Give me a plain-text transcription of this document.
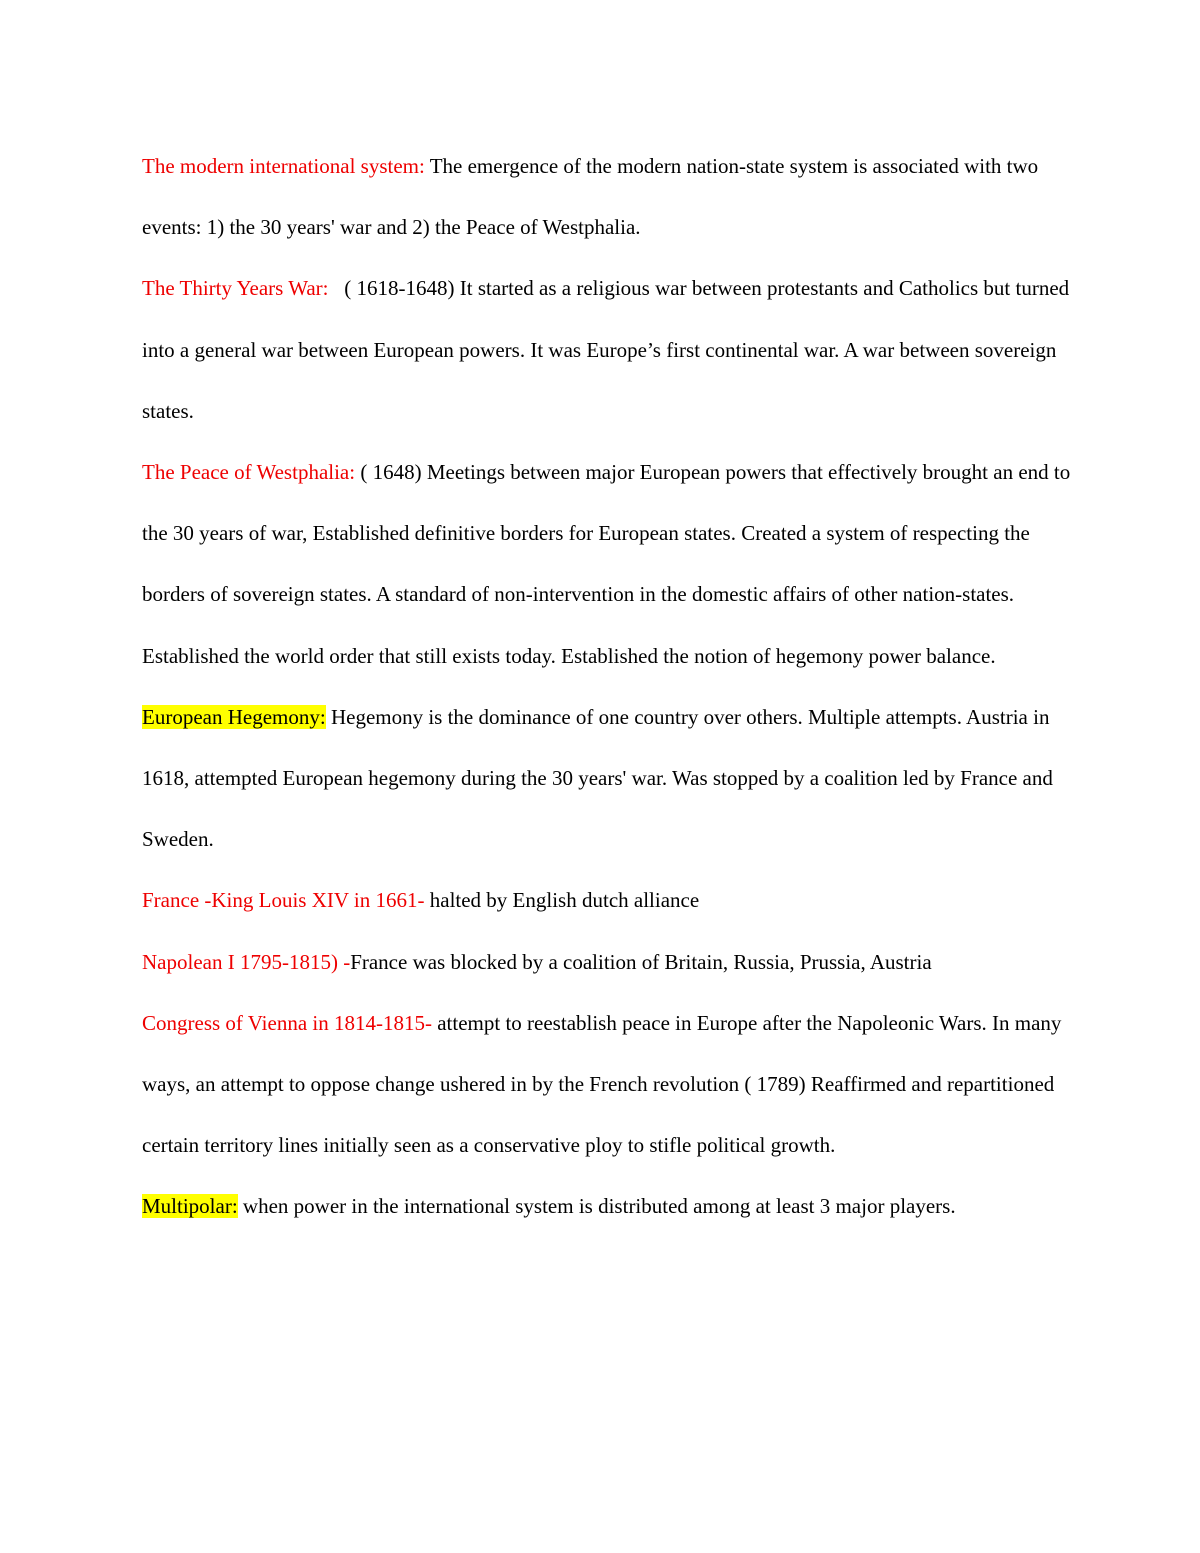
The modern international system: The emergence of the modern nation-state system is associated with two events: 1) the 30 years' war and 2) the Peace of Westphalia.

The Thirty Years War:   ( 1618-1648) It started as a religious war between protestants and Catholics but turned into a general war between European powers. It was Europe’s first continental war. A war between sovereign states.

The Peace of Westphalia: ( 1648) Meetings between major European powers that effectively brought an end to the 30 years of war, Established definitive borders for European states. Created a system of respecting the borders of sovereign states. A standard of non-intervention in the domestic affairs of other nation-states. Established the world order that still exists today. Established the notion of hegemony power balance.

European Hegemony: Hegemony is the dominance of one country over others. Multiple attempts. Austria in 1618, attempted European hegemony during the 30 years' war. Was stopped by a coalition led by France and Sweden.

France -King Louis XIV in 1661- halted by English dutch alliance

Napolean I 1795-1815) -France was blocked by a coalition of Britain, Russia, Prussia, Austria

Congress of Vienna in 1814-1815- attempt to reestablish peace in Europe after the Napoleonic Wars. In many ways, an attempt to oppose change ushered in by the French revolution ( 1789) Reaffirmed and repartitioned certain territory lines initially seen as a conservative ploy to stifle political growth.

Multipolar: when power in the international system is distributed among at least 3 major players.
